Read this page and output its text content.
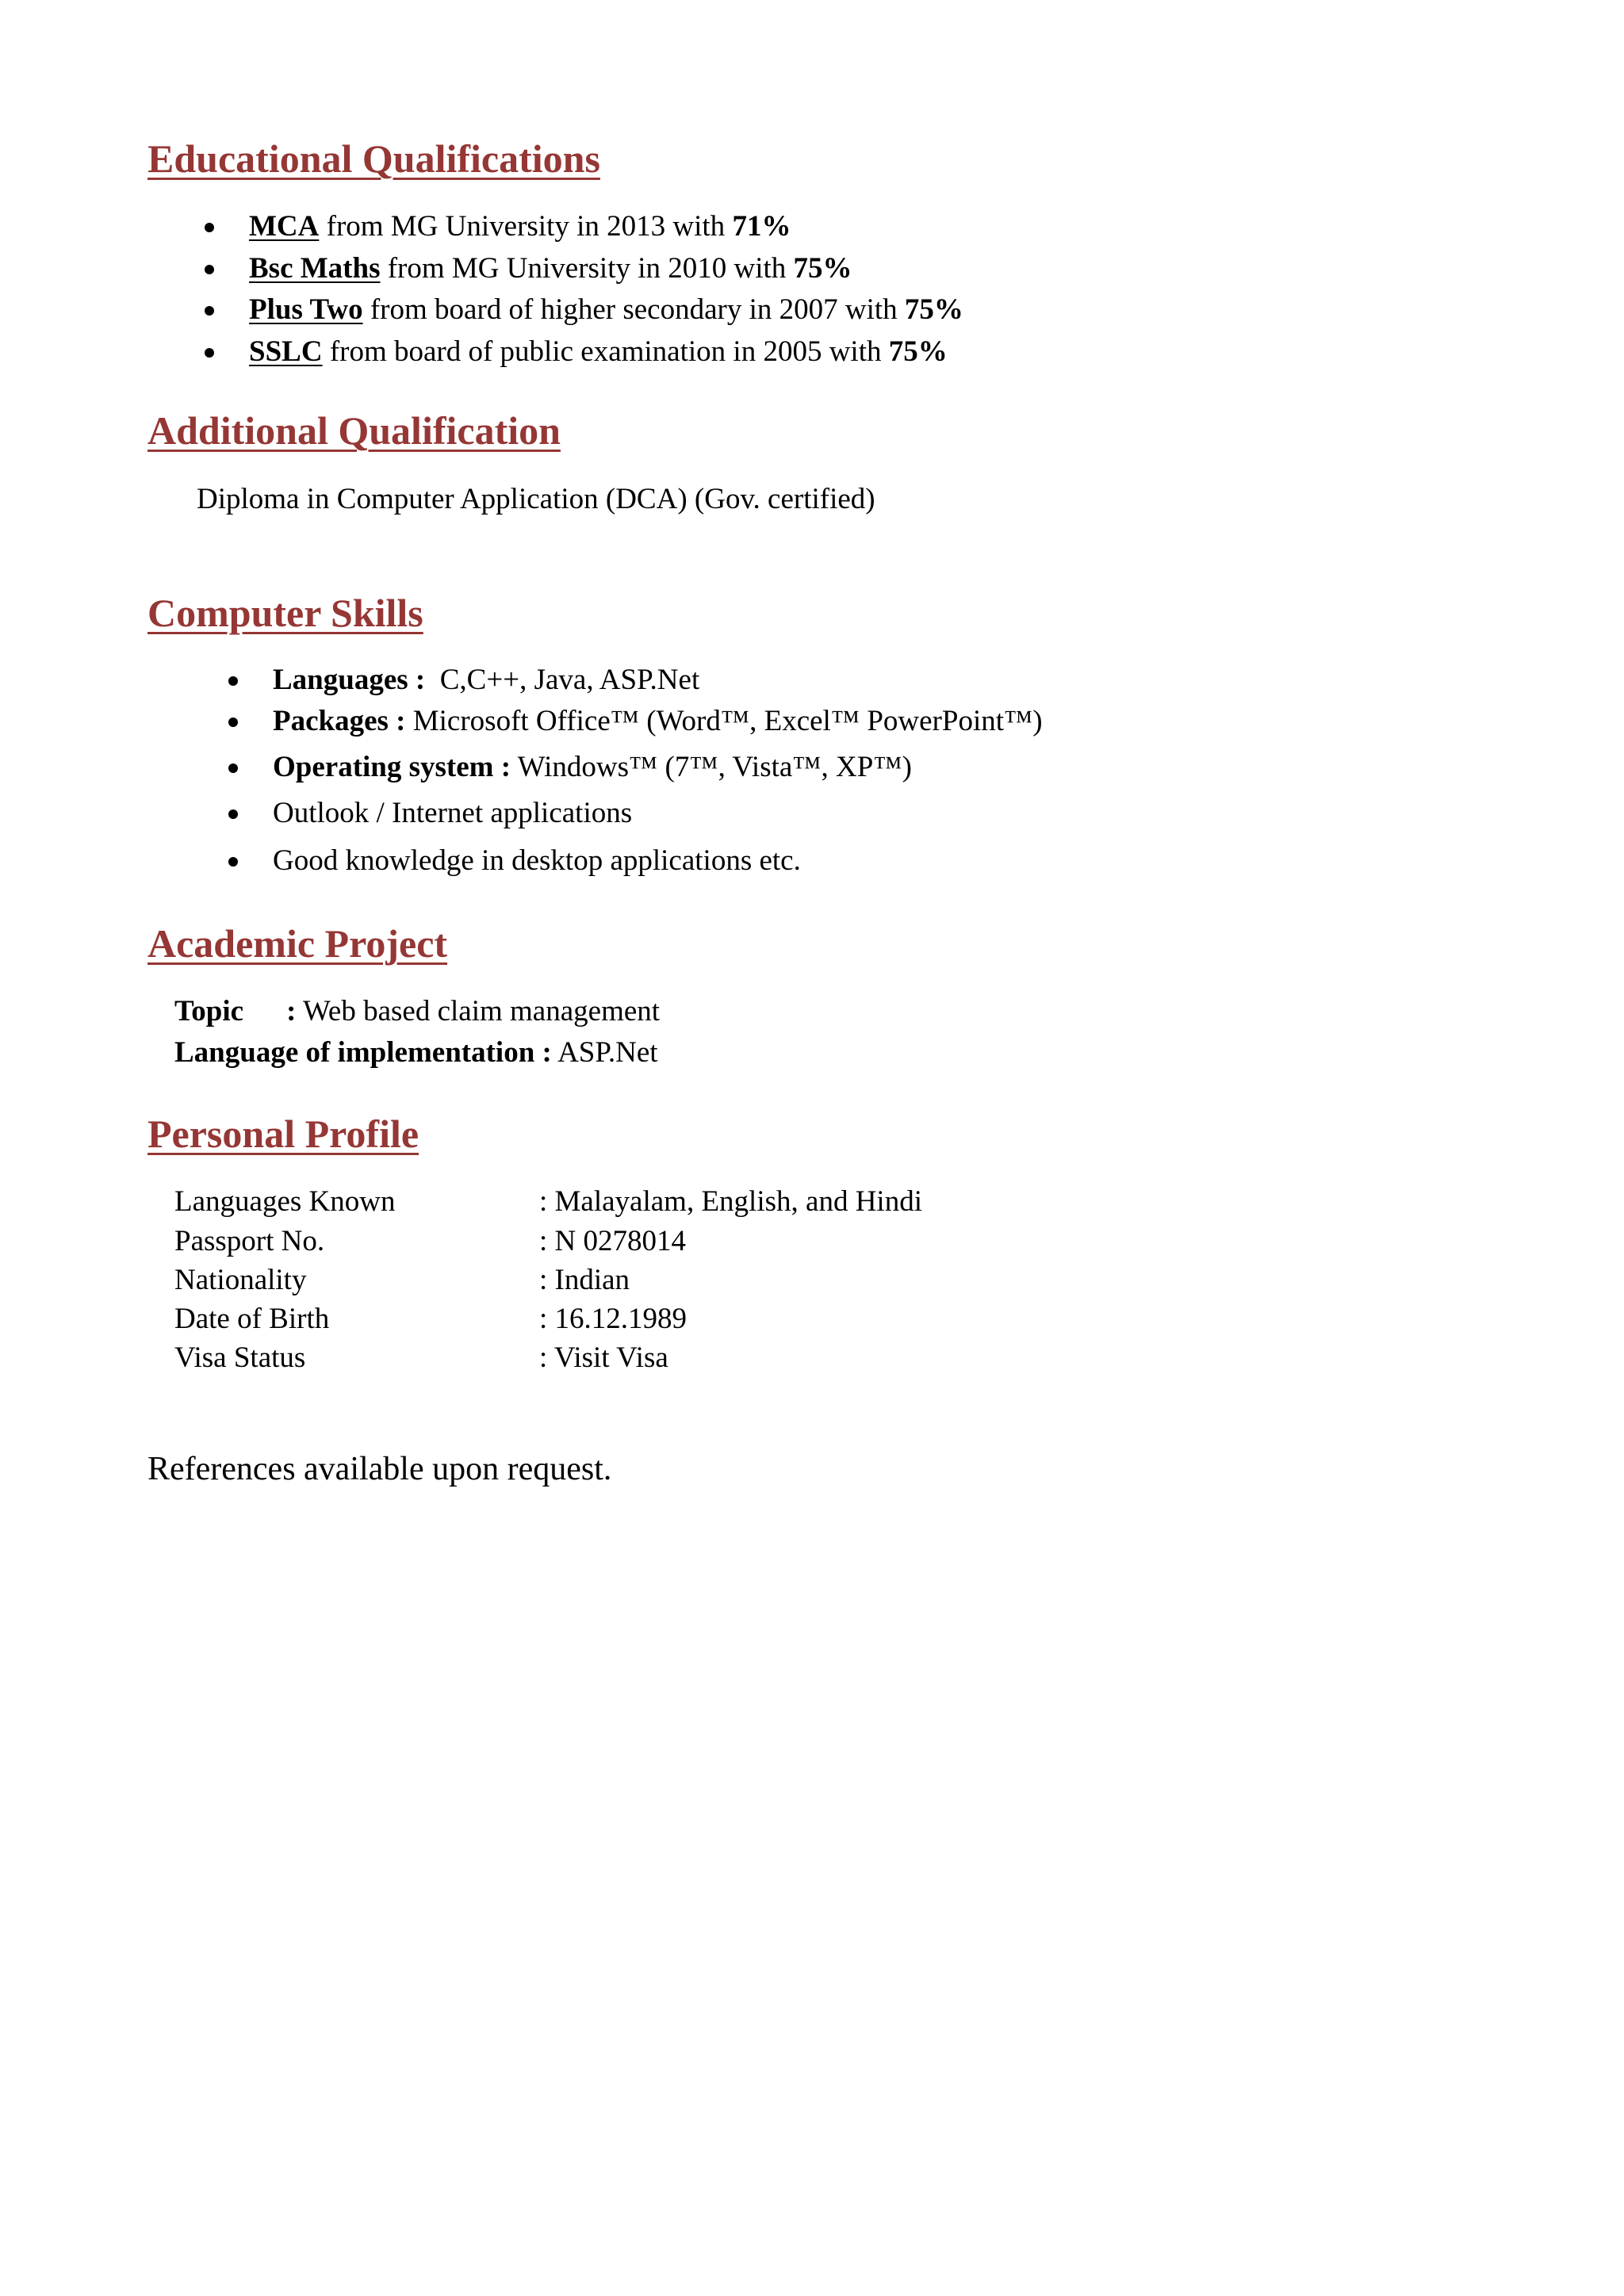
Educational Qualifications
MCA from MG University in 2013 with 71%
Bsc Maths from MG University in 2010 with 75%
Plus Two from board of higher secondary in 2007 with 75%
SSLC from board of public examination in 2005 with 75%
Additional Qualification

Diploma in Computer Application (DCA) (Gov. certified)

Computer Skills
Languages :  C,C++, Java, ASP.Net
Packages : Microsoft Office™ (Word™, Excel™ PowerPoint™)
Operating system : Windows™ (7™, Vista™, XP™)
Outlook / Internet applications
Good knowledge in desktop applications etc.
Academic Project

Topic : Web based claim management

Language of implementation : ASP.Net

Personal Profile
Languages Known	: Malayalam, English, and Hindi
Passport No.	: N 0278014
Nationality	: Indian
Date of Birth	: 16.12.1989
Visa Status	: Visit Visa

References available upon request.
